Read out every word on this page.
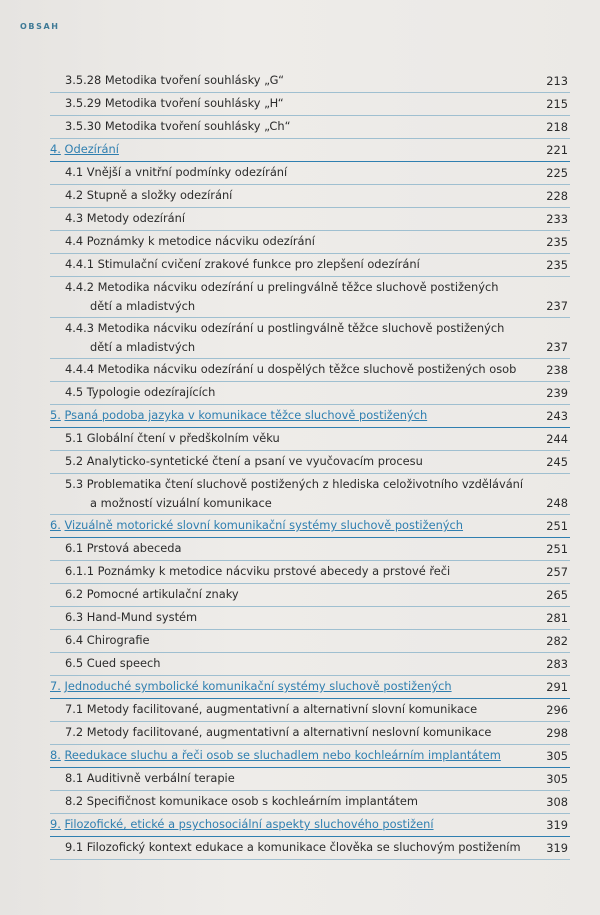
OBSAH
3.5.28 Metodika tvoření souhlásky „G“	213
3.5.29 Metodika tvoření souhlásky „H“	215
3.5.30 Metodika tvoření souhlásky „Ch“	218
4. Odezírání	221
4.1 Vnější a vnitřní podmínky odezírání	225
4.2 Stupně a složky odezírání	228
4.3 Metody odezírání	233
4.4 Poznámky k metodice nácviku odezírání	235
4.4.1 Stimulační cvičení zrakové funkce pro zlepšení odezírání	235
4.4.2 Metodika nácviku odezírání u prelingválně těžce sluchově postižených
dětí a mladistvých	237
4.4.3 Metodika nácviku odezírání u postlingválně těžce sluchově postižených
dětí a mladistvých	237
4.4.4 Metodika nácviku odezírání u dospělých těžce sluchově postižených osob	238
4.5 Typologie odezírajících	239
5. Psaná podoba jazyka v komunikace těžce sluchově postižených	243
5.1 Globální čtení v předškolním věku	244
5.2 Analyticko-syntetické čtení a psaní ve vyučovacím procesu	245
5.3 Problematika čtení sluchově postižených z hlediska celoživotního vzdělávání
a možností vizuální komunikace	248
6. Vizuálně motorické slovní komunikační systémy sluchově postižených	251
6.1 Prstová abeceda	251
6.1.1 Poznámky k metodice nácviku prstové abecedy a prstové řeči	257
6.2 Pomocné artikulační znaky	265
6.3 Hand-Mund systém	281
6.4 Chirografie	282
6.5 Cued speech	283
7. Jednoduché symbolické komunikační systémy sluchově postižených	291
7.1 Metody facilitované, augmentativní a alternativní slovní komunikace	296
7.2 Metody facilitované, augmentativní a alternativní neslovní komunikace	298
8. Reedukace sluchu a řeči osob se sluchadlem nebo kochleárním implantátem	305
8.1 Auditivně verbální terapie	305
8.2 Specifičnost komunikace osob s kochleárním implantátem	308
9. Filozofické, etické a psychosociální aspekty sluchového postižení	319
9.1 Filozofický kontext edukace a komunikace člověka se sluchovým postižením	319
